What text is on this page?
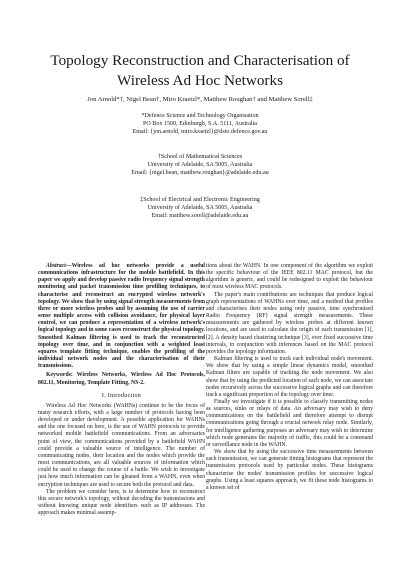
Topology Reconstruction and Characterisation of
Wireless Ad Hoc Networks
Jon Arnold*†, Nigel Bean†, Miro Kraetzl*, Matthew Roughan† and Matthew Sorell‡
*Defence Science and Technology Organisation
PO Box 1500, Edinburgh, S.A. 5111, Australia
Email: {jon.arnold, miro.kraetzl}@dsto.defence.gov.au
†School of Mathematical Sciences
University of Adelaide, SA 5005, Australia
Email: {nigel.bean, matthew.roughan}@adelaide.edu.au
‡School of Electrical and Electronic Engineering
University of Adelaide, SA 5005, Australia
Email: matthew.sorell@adelaide.edu.au

Abstract—Wireless ad hoc networks provide a useful communications infrastructure for the mobile battlefield. In this paper we apply and develop passive radio frequency signal strength monitoring and packet transmission time profiling techniques, to characterise and reconstruct an encrypted wireless network's topology. We show that by using signal strength measurements from three or more wireless probes and by assuming the use of carrier sense multiple access with collision avoidance, for physical layer control, we can produce a representation of a wireless network's logical topology and in some cases reconstruct the physical topology. Smoothed Kalman filtering is used to track the reconstructed topology over time, and in conjunction with a weighted least squares template fitting technique, enables the profiling of the individual network nodes and the characterisation of their transmissions.

Keywords: Wireless Networks, Wireless Ad Hoc Protocols, 802.11, Monitoring, Template Fitting, NS-2.

I. Introduction

Wireless Ad Hoc Networks (WAHNs) continue to be the focus of many research efforts, with a large number of protocols having been developed or under development. A possible application for WAHNs and the one focused on here, is the use of WAHN protocols to provide networked mobile battlefield communications. From an adversaries point of view, the communications provided by a battlefield WAHN could provide a valuable source of intelligence. The number of communicating nodes, their location and the nodes which provide the most communications, are all valuable sources of information which could be used to change the course of a battle. We wish to investigate just how much information can be gleaned from a WAHN, even when encryption techniques are used to secure both the protocol and data.

The problem we consider here, is to determine how to reconstruct this secure network's topology, without decoding the transmissions and without knowing unique node identifiers such as IP addresses. The approach makes minimal assump-

tions about the WAHN. In one component of the algorithm we exploit the specific behaviour of the IEEE 802.11 MAC protocol, but the algorithm is generic, and could be redesigned to exploit the behaviour of most wireless MAC protocols.

The paper's main contributions are techniques that produce logical graph representations of WAHNs over time, and a method that profiles and characterises their nodes using only passive, time synchronised Radio Frequency (RF) signal strength measurements. These measurements are gathered by wireless probes at different known locations, and are used to calculate the origin of each transmission [1], [2]. A density based clustering technique [3], over fixed successive time intervals, in conjunction with inferences based on the MAC protocol provides the topology information.

Kalman filtering is used to track each individual node's movement. We show that by using a simple linear dynamics model, smoothed Kalman filters are capable of tracking the node movement. We also show that by using the predicted location of each node, we can associate nodes recursively across the successive logical graphs and can therefore track a significant proportion of the topology over time.

Finally we investigate if it is possible to classify transmitting nodes as sources, sinks or relays of data. An adversary may wish to deny communications on the battlefield and therefore attempt to disrupt communications going through a crucial network relay node. Similarly, for intelligence gathering purposes an adversary may wish to determine which node generates the majority of traffic, this could be a command or surveillance node in the WAHN.

We show that by using the successive time measurements between each transmission, we can generate timing histograms that represent the transmission protocols used by particular nodes. These histograms characterise the nodes' transmission profiles for successive logical graphs. Using a least squares approach, we fit these node histograms to a known set of
